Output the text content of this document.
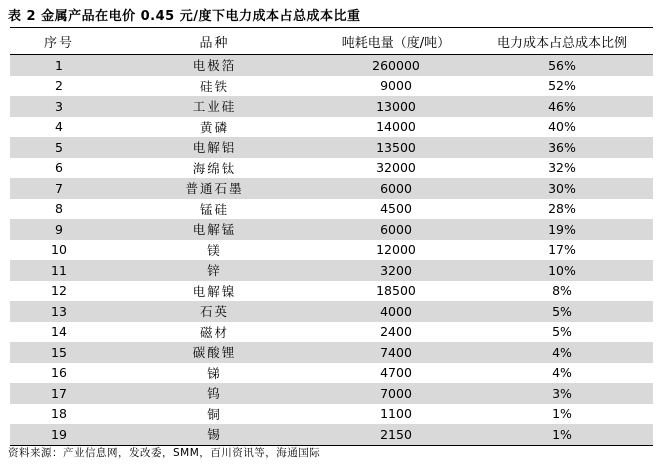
表 2 金属产品在电价 0.45 元/度下电力成本占总成本比重
序号	品种	吨耗电量（度/吨）	电力成本占总成本比例
1	电极箔	260000	56%
2	硅铁	9000	52%
3	工业硅	13000	46%
4	黄磷	14000	40%
5	电解铝	13500	36%
6	海绵钛	32000	32%
7	普通石墨	6000	30%
8	锰硅	4500	28%
9	电解锰	6000	19%
10	镁	12000	17%
11	锌	3200	10%
12	电解镍	18500	8%
13	石英	4000	5%
14	磁材	2400	5%
15	碳酸锂	7400	4%
16	锑	4700	4%
17	钨	7000	3%
18	铜	1100	1%
19	锡	2150	1%
资料来源：产业信息网，发改委，SMM，百川资讯等，海通国际
